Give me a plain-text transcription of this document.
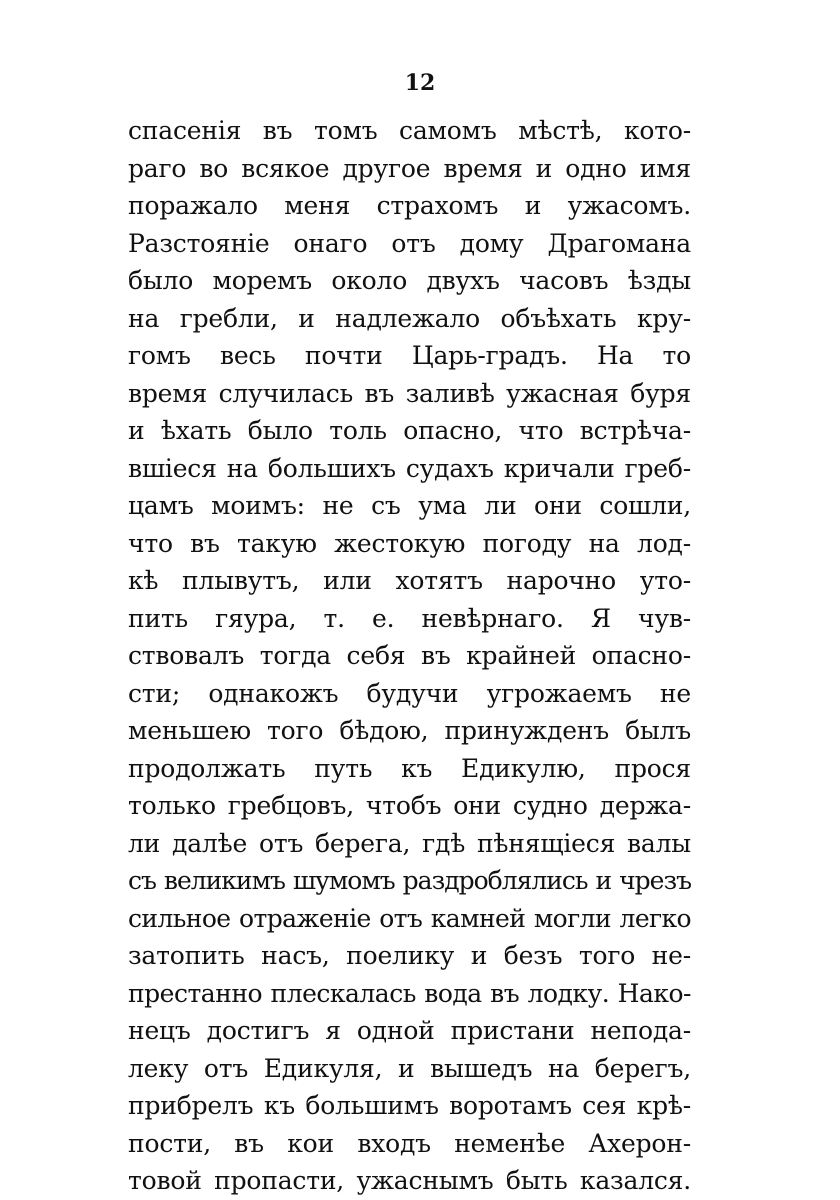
12
спасенія въ томъ самомъ мѣстѣ, кото-
раго во всякое другое время и одно имя
поражало меня страхомъ и ужасомъ.
Разстояніе онаго отъ дому Драгомана
было моремъ около двухъ часовъ ѣзды
на гребли, и надлежало объѣхать кру-
гомъ весь почти Царь-градъ. На то
время случилась въ заливѣ ужасная буря
и ѣхать было толь опасно, что встрѣча-
вшіеся на большихъ судахъ кричали греб-
цамъ моимъ: не съ ума ли они сошли,
что въ такую жестокую погоду на лод-
кѣ плывутъ, или хотятъ нарочно уто-
пить гяура, т. е. невѣрнаго. Я чув-
ствовалъ тогда себя въ крайней опасно-
сти; однакожъ будучи угрожаемъ не
меньшею того бѣдою, принужденъ былъ
продолжать путь къ Едикулю, прося
только гребцовъ, чтобъ они судно держа-
ли далѣе отъ берега, гдѣ пѣнящіеся валы
съ великимъ шумомъ раздроблялись и чрезъ
сильное отраженіе отъ камней могли легко
затопить насъ, поелику и безъ того не-
престанно плескалась вода въ лодку. Нако-
нецъ достигъ я одной пристани непода-
леку отъ Едикуля, и вышедъ на берегъ,
прибрелъ къ большимъ воротамъ сея крѣ-
пости, въ кои входъ неменѣе Ахерон-
товой пропасти, ужаснымъ быть казался.
